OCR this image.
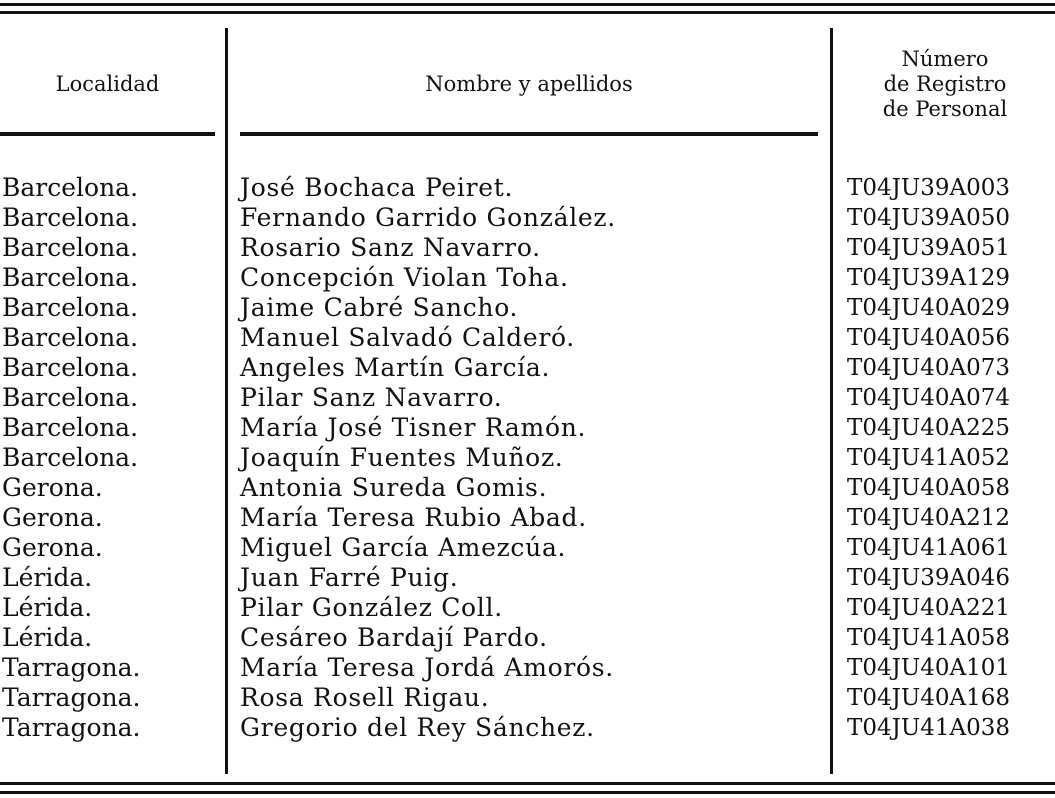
Localidad	Nombre y apellidos
Número
de Registro
de Personal
Barcelona.
Barcelona.
Barcelona.
Barcelona.
Barcelona.
Barcelona.
Barcelona.
Barcelona.
Barcelona.
Barcelona.
Gerona.
Gerona.
Gerona.
Lérida.
Lérida.
Lérida.
Tarragona.
Tarragona.
Tarragona.
José Bochaca Peiret.
Fernando Garrido González.
Rosario Sanz Navarro.
Concepción Violan Toha.
Jaime Cabré Sancho.
Manuel Salvadó Calderó.
Angeles Martín García.
Pilar Sanz Navarro.
María José Tisner Ramón.
Joaquín Fuentes Muñoz.
Antonia Sureda Gomis.
María Teresa Rubio Abad.
Miguel García Amezcúa.
Juan Farré Puig.
Pilar González Coll.
Cesáreo Bardají Pardo.
María Teresa Jordá Amorós.
Rosa Rosell Rigau.
Gregorio del Rey Sánchez.
T04JU39A003
T04JU39A050
T04JU39A051
T04JU39A129
T04JU40A029
T04JU40A056
T04JU40A073
T04JU40A074
T04JU40A225
T04JU41A052
T04JU40A058
T04JU40A212
T04JU41A061
T04JU39A046
T04JU40A221
T04JU41A058
T04JU40A101
T04JU40A168
T04JU41A038
